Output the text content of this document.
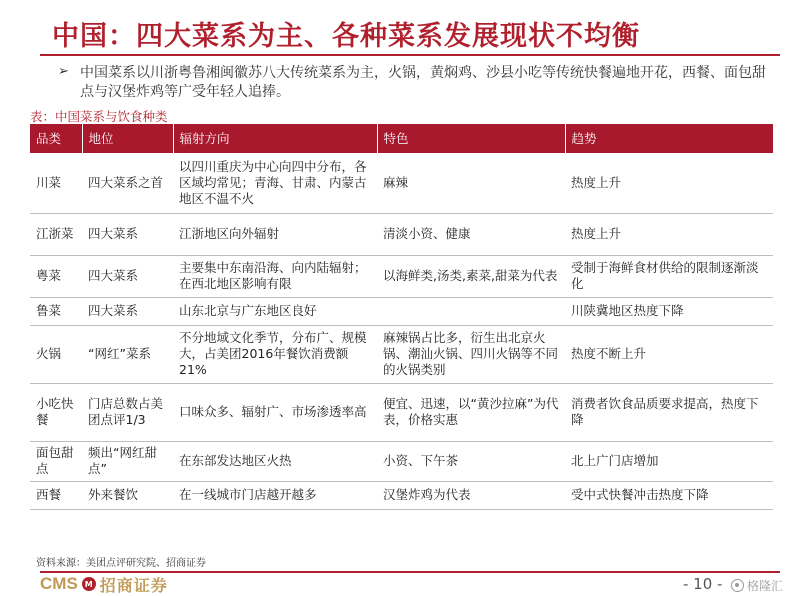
中国：四大菜系为主、各种菜系发展现状不均衡
➢ 中国菜系以川浙粤鲁湘闽徽苏八大传统菜系为主，火锅，黄焖鸡、沙县小吃等传统快餐遍地开花，西餐、面包甜点与汉堡炸鸡等广受年轻人追捧。
表：中国菜系与饮食种类
品类	地位	辐射方向	特色	趋势
川菜	四大菜系之首	以四川重庆为中心向四中分布，各区域均常见；青海、甘肃、内蒙古地区不温不火	麻辣	热度上升
江浙菜	四大菜系	江浙地区向外辐射	清淡小资、健康	热度上升
粤菜	四大菜系	主要集中东南沿海、向内陆辐射；在西北地区影响有限	以海鲜类,汤类,素菜,甜菜为代表	受制于海鲜食材供给的限制逐渐淡化
鲁菜	四大菜系	山东北京与广东地区良好		川陕冀地区热度下降
火锅	“网红”菜系	不分地域文化季节，分布广、规模大，占美团2016年餐饮消费额21%	麻辣锅占比多，衍生出北京火锅、潮汕火锅、四川火锅等不同的火锅类别	热度不断上升
小吃快餐	门店总数占美团点评1/3	口味众多、辐射广、市场渗透率高	便宜、迅速，以“黄沙拉麻”为代表，价格实惠	消费者饮食品质要求提高，热度下降
面包甜点	频出“网红甜点”	在东部发达地区火热	小资、下午茶	北上广门店增加
西餐	外来餐饮	在一线城市门店越开越多	汉堡炸鸡为代表	受中式快餐冲击热度下降
资料来源：美团点评研究院、招商证券
CMS M 招商证券	- 10 - 格隆汇
